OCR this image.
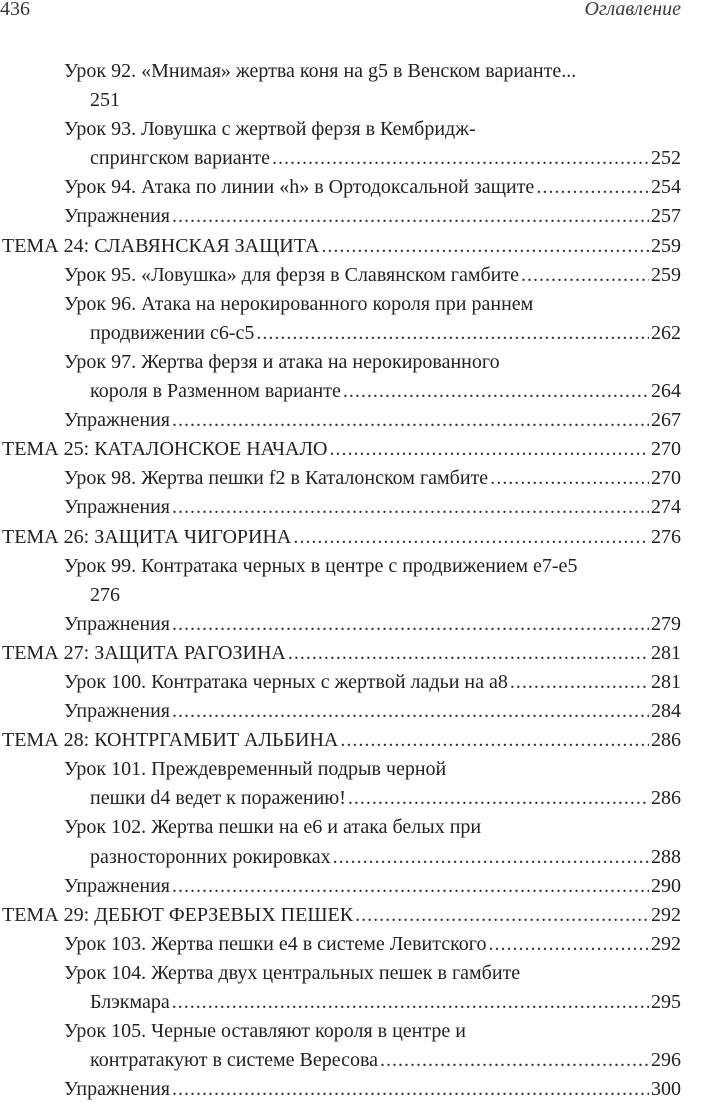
436	Оглавление
Урок 92. «Мнимая» жертва коня на g5 в Венском варианте...
251
Урок 93. Ловушка с жертвой ферзя в Кембридж-
спрингском варианте .....	252
Урок 94. Атака по линии «h» в Ортодоксальной защите .....	254
Упражнения .....	257
ТЕМА 24: СЛАВЯНСКАЯ ЗАЩИТА .....	259
Урок 95. «Ловушка» для ферзя в Славянском гамбите .....	259
Урок 96. Атака на нерокированного короля при раннем
продвижении с6-с5 .....	262
Урок 97. Жертва ферзя и атака на нерокированного
короля в Разменном варианте .....	264
Упражнения .....	267
ТЕМА 25: КАТАЛОНСКОЕ НАЧАЛО .....	270
Урок 98. Жертва пешки f2 в Каталонском гамбите .....	270
Упражнения .....	274
ТЕМА 26: ЗАЩИТА ЧИГОРИНА .....	276
Урок 99. Контратака черных в центре с продвижением е7-е5
276
Упражнения .....	279
ТЕМА 27: ЗАЩИТА РАГОЗИНА .....	281
Урок 100. Контратака черных с жертвой ладьи на а8 .....	281
Упражнения .....	284
ТЕМА 28: КОНТРГАМБИТ АЛЬБИНА .....	286
Урок 101. Преждевременный подрыв черной
пешки d4 ведет к поражению! .....	286
Урок 102. Жертва пешки на е6 и атака белых при
разносторонних рокировках .....	288
Упражнения .....	290
ТЕМА 29: ДЕБЮТ ФЕРЗЕВЫХ ПЕШЕК .....	292
Урок 103. Жертва пешки е4 в системе Левитского .....	292
Урок 104. Жертва двух центральных пешек в гамбите
Блэкмара .....	295
Урок 105. Черные оставляют короля в центре и
контратакуют в системе Вересова .....	296
Упражнения .....	300
